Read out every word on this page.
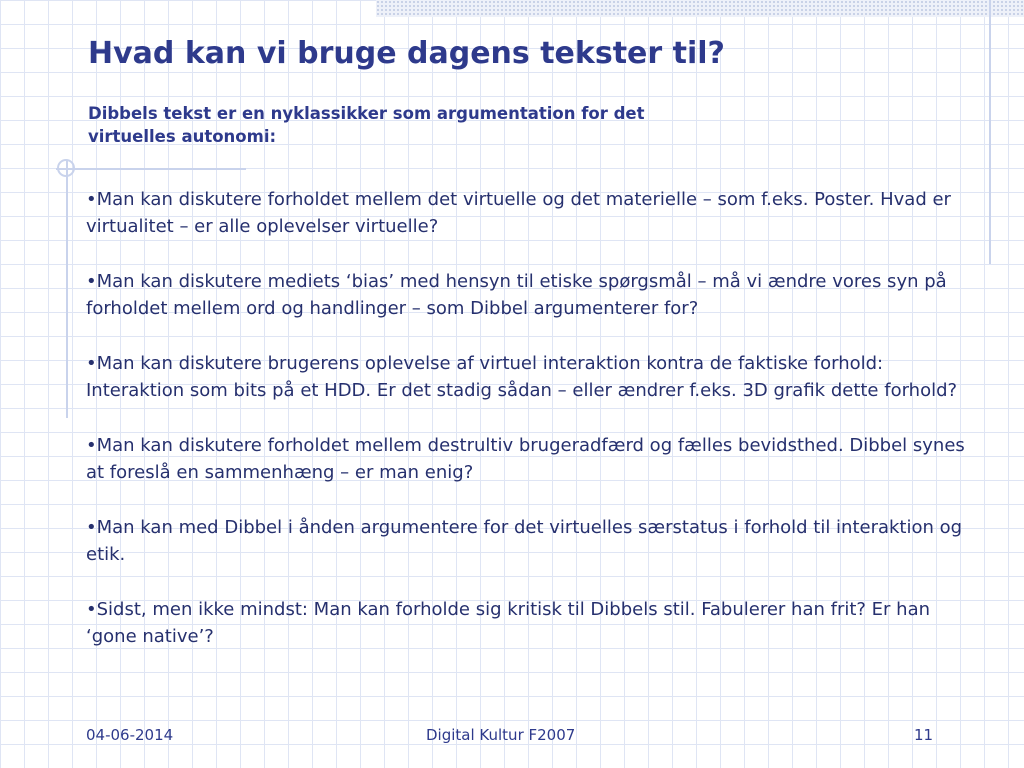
Hvad kan vi bruge dagens tekster til?

Dibbels tekst er en nyklassikker som argumentation for det virtuelles autonomi:

•Man kan diskutere forholdet mellem det virtuelle og det materielle – som f.eks. Poster. Hvad er virtualitet – er alle oplevelser virtuelle?
•Man kan diskutere mediets ‘bias’ med hensyn til etiske spørgsmål – må vi ændre vores syn på forholdet mellem ord og handlinger – som Dibbel argumenterer for?
•Man kan diskutere brugerens oplevelse af virtuel interaktion kontra de faktiske forhold: Interaktion som bits på et HDD. Er det stadig sådan – eller ændrer f.eks. 3D grafik dette forhold?
•Man kan diskutere forholdet mellem destrultiv brugeradfærd og fælles bevidsthed. Dibbel synes at foreslå en sammenhæng – er man enig?
•Man kan med Dibbel i ånden argumentere for det virtuelles særstatus i forhold til interaktion og etik.
•Sidst, men ikke mindst: Man kan forholde sig kritisk til Dibbels stil. Fabulerer han frit? Er han ‘gone native’?
04-06-2014	Digital Kultur F2007	11
